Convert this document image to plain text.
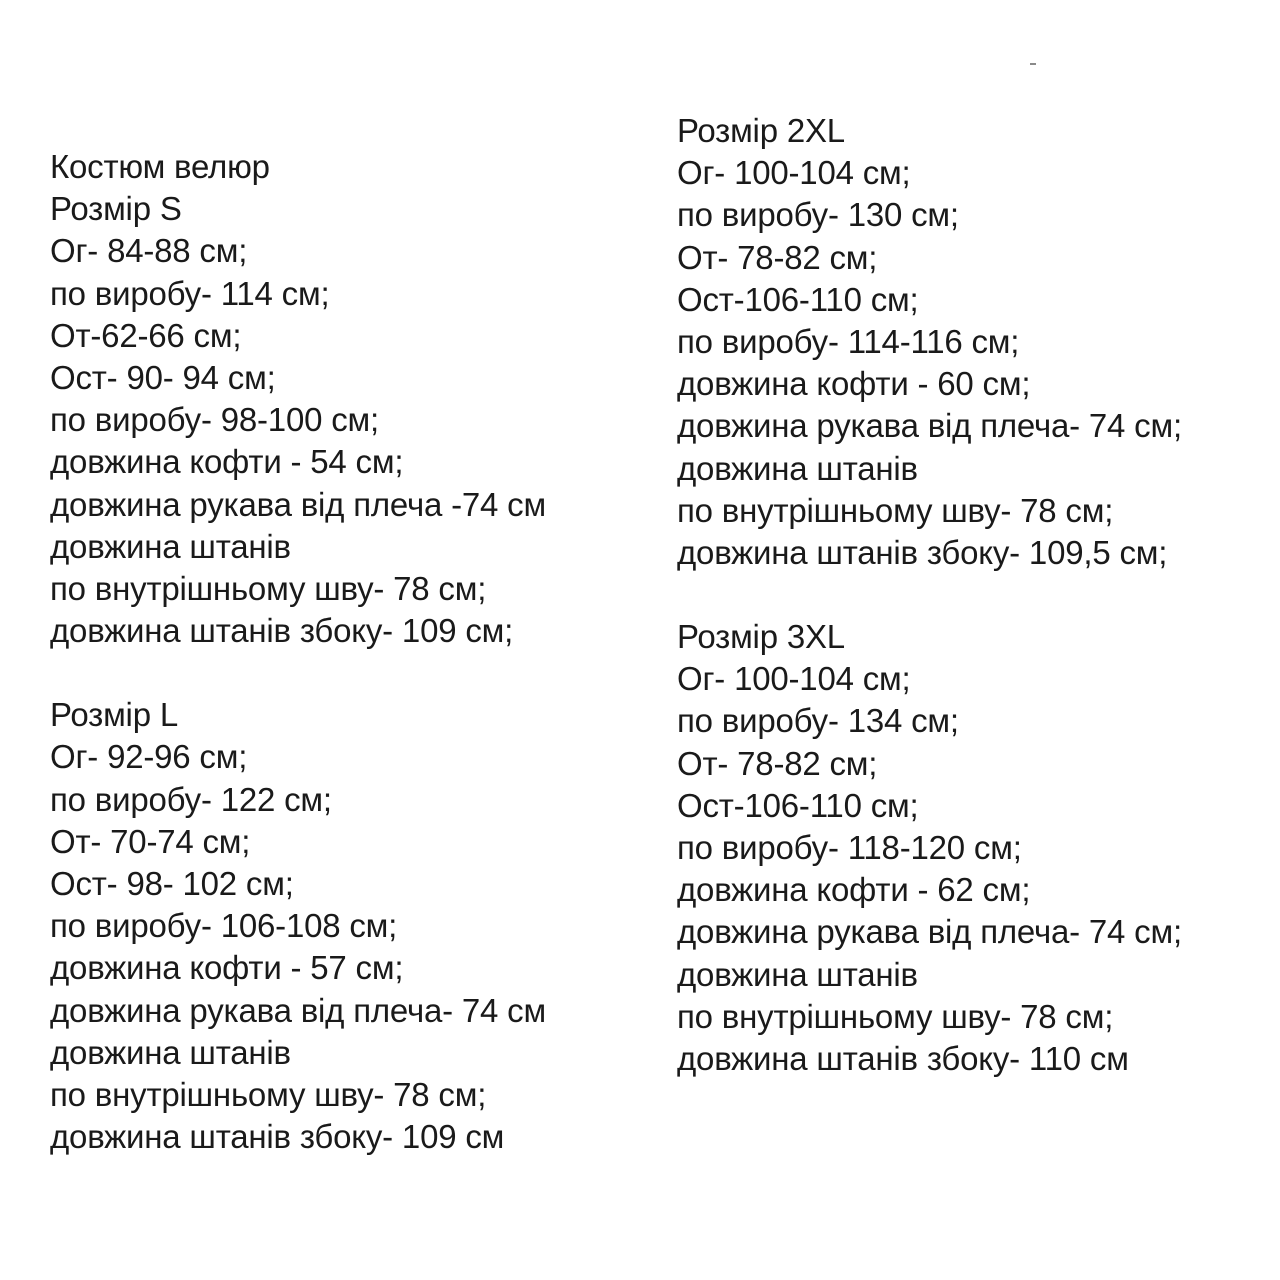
Костюм велюр
Розмір S
Ог- 84-88 см;
по виробу- 114 см;
От-62-66 см;
Ост- 90- 94 см;
по виробу- 98-100 см;
довжина кофти - 54 см;
довжина рукава від плеча -74 см
довжина штанів
по внутрішньому шву- 78 см;
довжина штанів збоку- 109 см;
Розмір L
Ог- 92-96 см;
по виробу- 122 см;
От- 70-74 см;
Ост- 98- 102 см;
по виробу- 106-108 см;
довжина кофти - 57 см;
довжина рукава від плеча- 74 см
довжина штанів
по внутрішньому шву- 78 см;
довжина штанів збоку- 109 см
Розмір 2XL
Ог- 100-104 см;
по виробу- 130 см;
От- 78-82 см;
Ост-106-110 см;
по виробу- 114-116 см;
довжина кофти - 60 см;
довжина рукава від плеча- 74 см;
довжина штанів
по внутрішньому шву- 78 см;
довжина штанів збоку- 109,5 см;
Розмір 3XL
Ог- 100-104 см;
по виробу- 134 см;
От- 78-82 см;
Ост-106-110 см;
по виробу- 118-120 см;
довжина кофти - 62 см;
довжина рукава від плеча- 74 см;
довжина штанів
по внутрішньому шву- 78 см;
довжина штанів збоку- 110 см
